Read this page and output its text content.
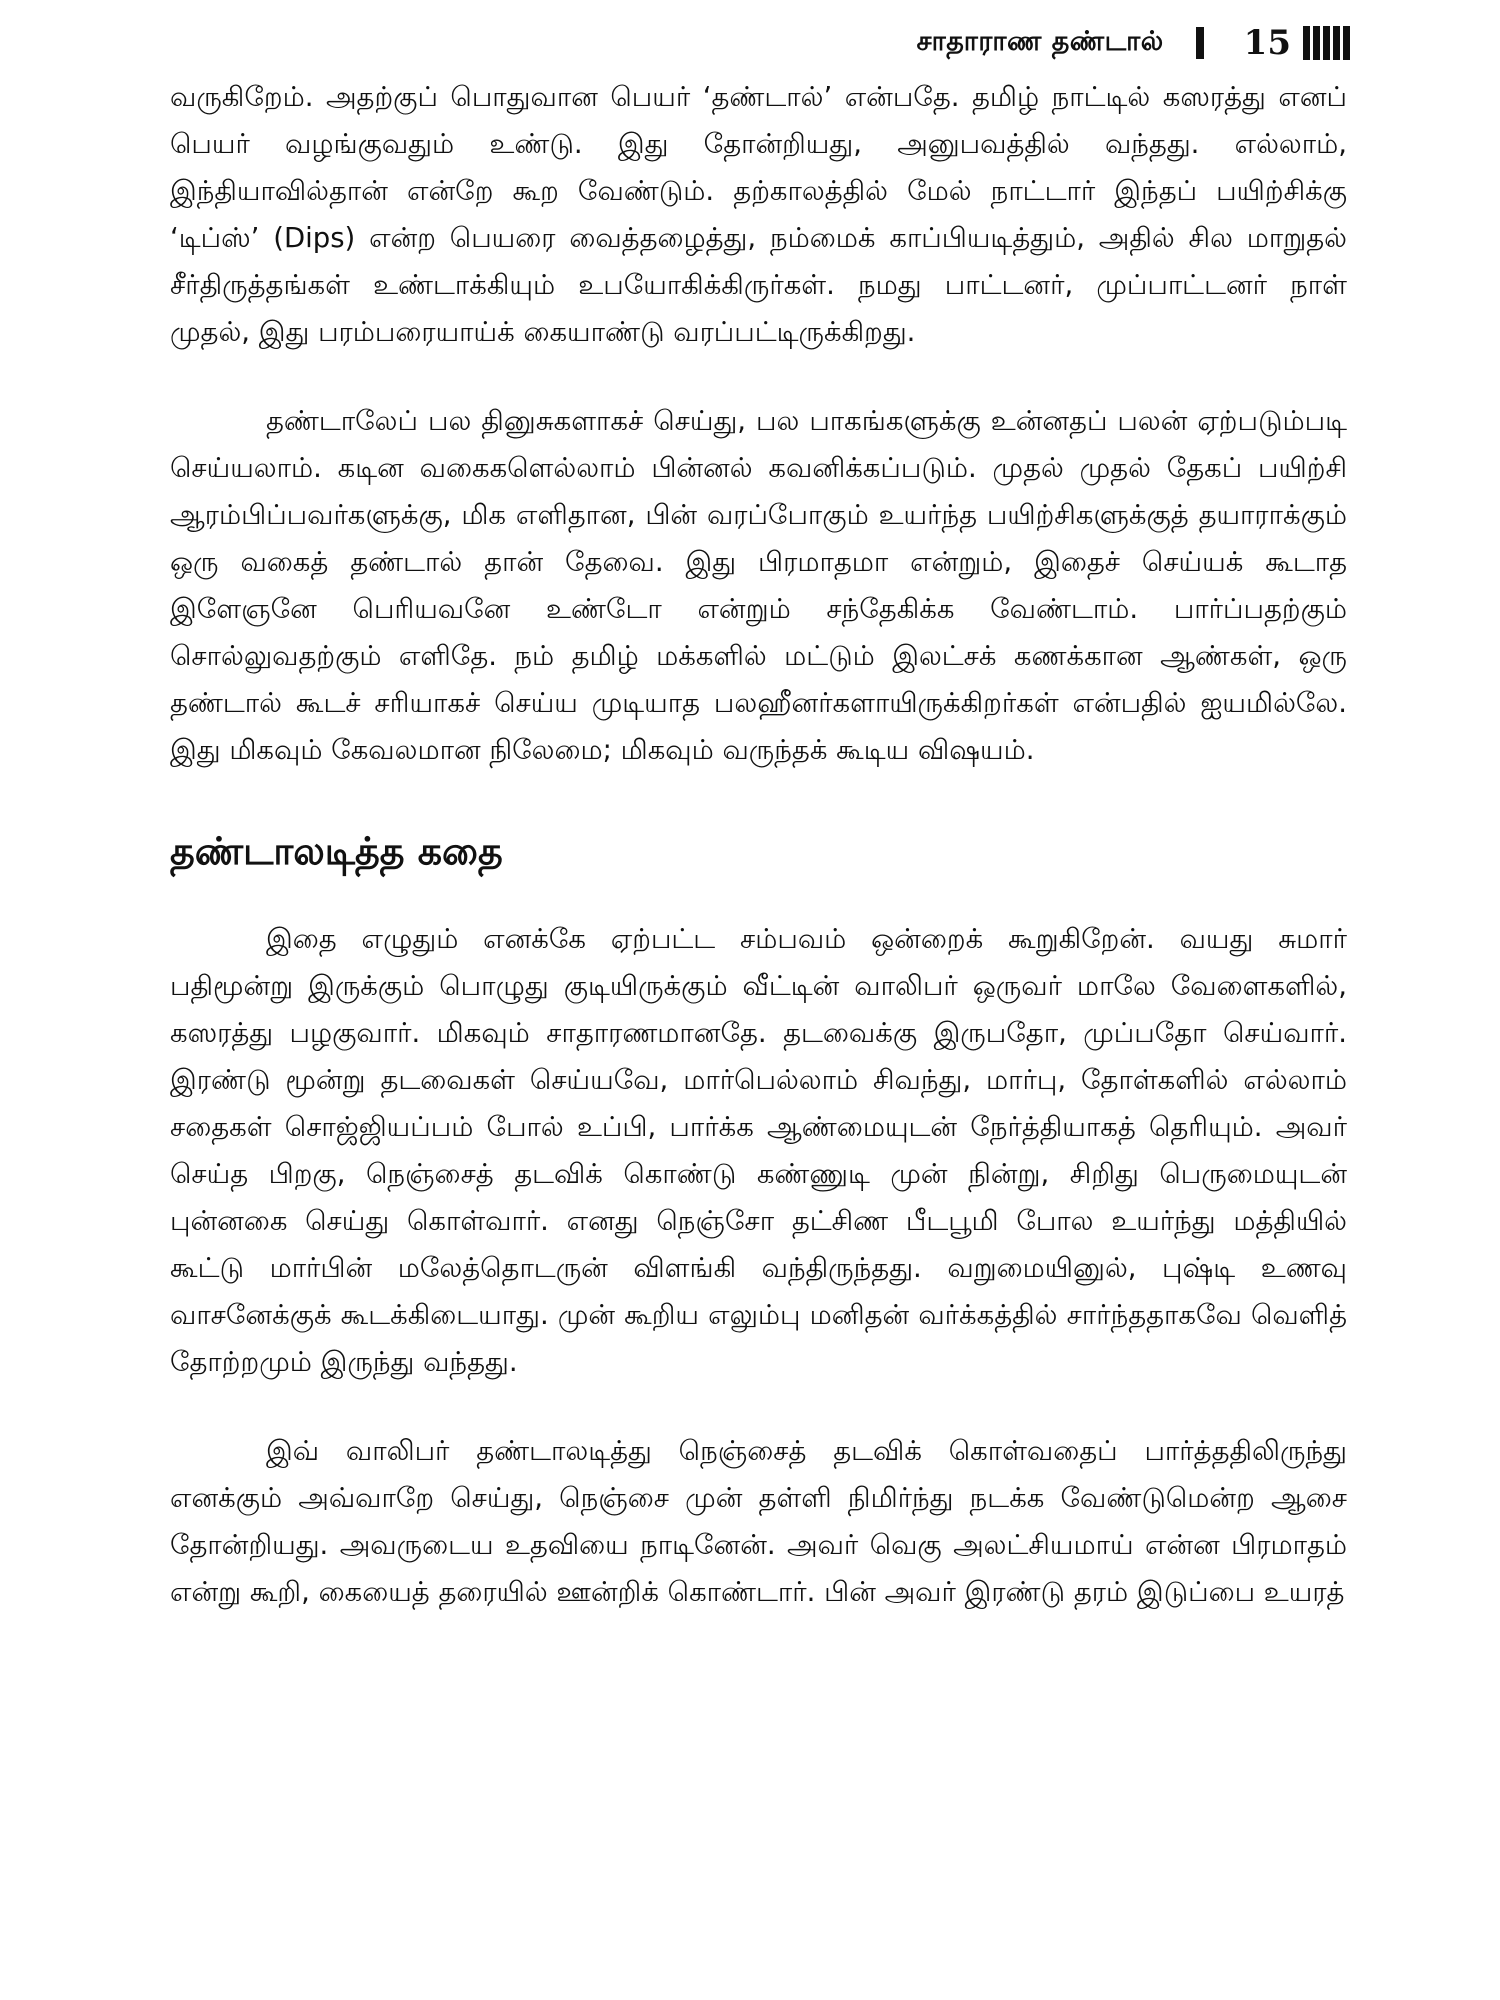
சாதாராண தண்டால் 15

வருகிறேம். அதற்குப் பொதுவான பெயர் ‘தண்டால்’ என்பதே. தமிழ் நாட்டில் கஸரத்து எனப் பெயர் வழங்குவதும் உண்டு. இது தோன்றியது, அனுபவத்தில் வந்தது. எல்லாம், இந்தியாவில்தான் என்றே கூற வேண்டும். தற்காலத்தில் மேல் நாட்டார் இந்தப் பயிற்சிக்கு ‘டிப்ஸ்’ (Dips) என்ற பெயரை வைத்தழைத்து, நம்மைக் காப்பியடித்தும், அதில் சில மாறுதல் சீர்திருத்தங்கள் உண்டாக்கியும் உபயோகிக்கிருர்கள். நமது பாட்டனர், முப்பாட்டனர் நாள் முதல், இது பரம்பரையாய்க் கையாண்டு வரப்பட்டிருக்கிறது.

தண்டாலேப் பல தினுசுகளாகச் செய்து, பல பாகங்களுக்கு உன்னதப் பலன் ஏற்படும்படி செய்யலாம். கடின வகைகளெல்லாம் பின்னல் கவனிக்கப்படும். முதல் முதல் தேகப் பயிற்சி ஆரம்பிப்பவர்களுக்கு, மிக எளிதான, பின் வரப்போகும் உயர்ந்த பயிற்சிகளுக்குத் தயாராக்கும் ஒரு வகைத் தண்டால் தான் தேவை. இது பிரமாதமா என்றும், இதைச் செய்யக் கூடாத இளேஞனே பெரியவனே உண்டோ என்றும் சந்தேகிக்க வேண்டாம். பார்ப்பதற்கும் சொல்லுவதற்கும் எளிதே. நம் தமிழ் மக்களில் மட்டும் இலட்சக் கணக்கான ஆண்கள், ஒரு தண்டால் கூடச் சரியாகச் செய்ய முடியாத பலஹீனர்களாயிருக்கிறர்கள் என்பதில் ஐயமில்லே. இது மிகவும் கேவலமான நிலேமை; மிகவும் வருந்தக் கூடிய விஷயம்.

தண்டாலடித்த கதை

இதை எழுதும் எனக்கே ஏற்பட்ட சம்பவம் ஒன்றைக் கூறுகிறேன். வயது சுமார் பதிமூன்று இருக்கும் பொழுது குடியிருக்கும் வீட்டின் வாலிபர் ஒருவர் மாலே வேளைகளில், கஸரத்து பழகுவார். மிகவும் சாதாரணமானதே. தடவைக்கு இருபதோ, முப்பதோ செய்வார். இரண்டு மூன்று தடவைகள் செய்யவே, மார்பெல்லாம் சிவந்து, மார்பு, தோள்களில் எல்லாம் சதைகள் சொஜ்ஜியப்பம் போல் உப்பி, பார்க்க ஆண்மையுடன் நேர்த்தியாகத் தெரியும். அவர் செய்த பிறகு, நெஞ்சைத் தடவிக் கொண்டு கண்ணுடி முன் நின்று, சிறிது பெருமையுடன் புன்னகை செய்து கொள்வார். எனது நெஞ்சோ தட்சிண பீடபூமி போல உயர்ந்து மத்தியில் கூட்டு மார்பின் மலேத்தொடருன் விளங்கி வந்திருந்தது. வறுமையினுல், புஷ்டி உணவு வாசனேக்குக் கூடக்கிடையாது. முன் கூறிய எலும்பு மனிதன் வர்க்கத்தில் சார்ந்ததாகவே வெளித் தோற்றமும் இருந்து வந்தது.

இவ் வாலிபர் தண்டாலடித்து நெஞ்சைத் தடவிக் கொள்வதைப் பார்த்ததிலிருந்து எனக்கும் அவ்வாறே செய்து, நெஞ்சை முன் தள்ளி நிமிர்ந்து நடக்க வேண்டுமென்ற ஆசை தோன்றியது. அவருடைய உதவியை நாடினேன். அவர் வெகு அலட்சியமாய் என்ன பிரமாதம் என்று கூறி, கையைத் தரையில் ஊன்றிக் கொண்டார். பின் அவர் இரண்டு தரம் இடுப்பை உயரத்
